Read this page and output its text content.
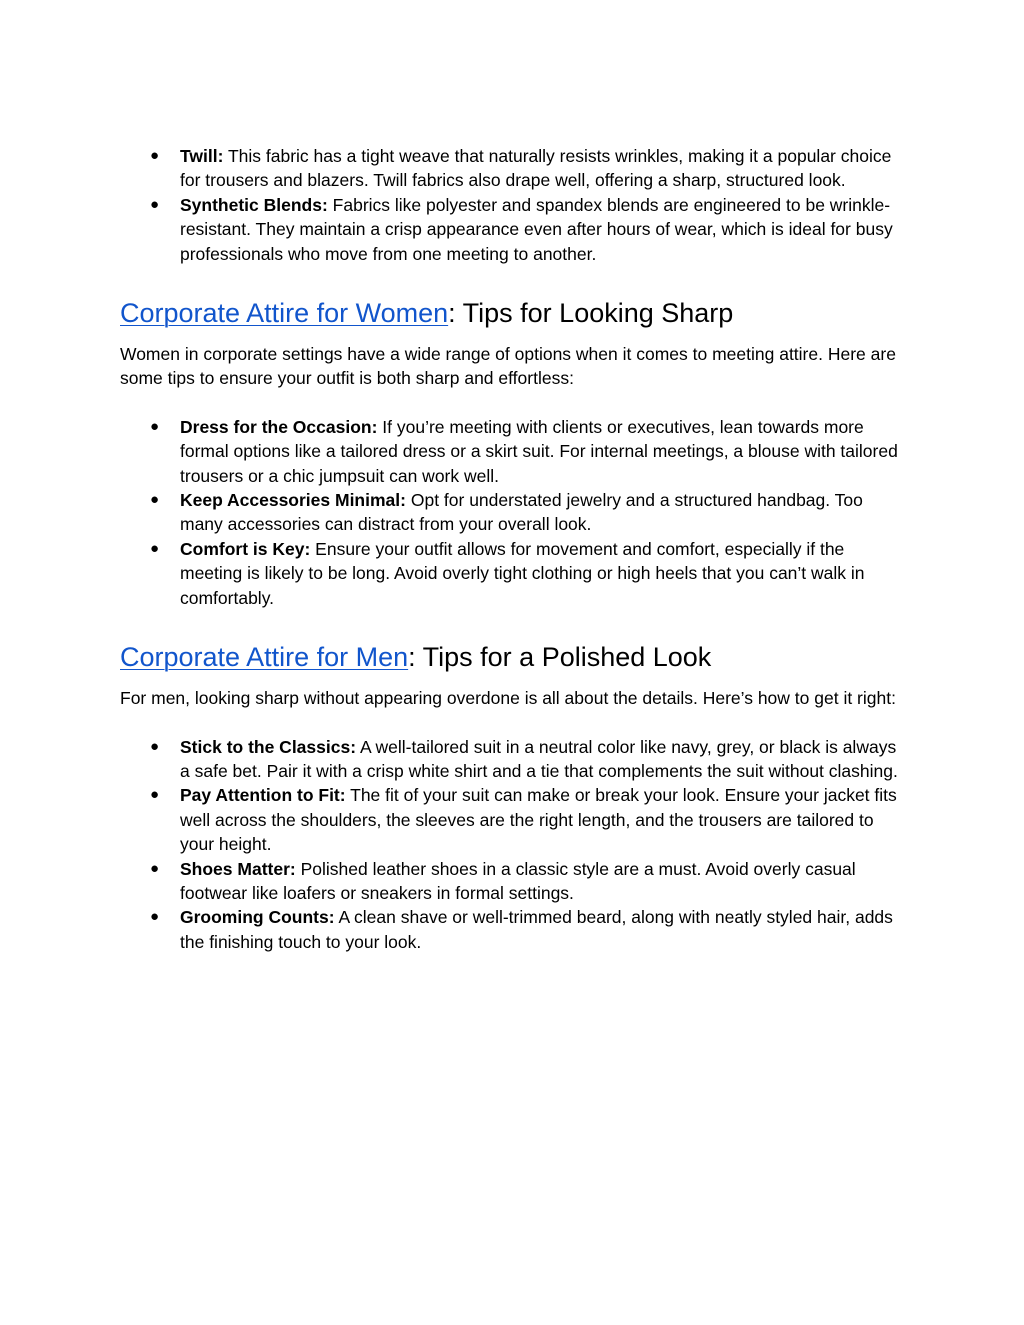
● Twill: This fabric has a tight weave that naturally resists wrinkles, making it a popular choice for trousers and blazers. Twill fabrics also drape well, offering a sharp, structured look.
● Synthetic Blends: Fabrics like polyester and spandex blends are engineered to be wrinkle-resistant. They maintain a crisp appearance even after hours of wear, which is ideal for busy professionals who move from one meeting to another.
Corporate Attire for Women: Tips for Looking Sharp

Women in corporate settings have a wide range of options when it comes to meeting attire. Here are some tips to ensure your outfit is both sharp and effortless:

● Dress for the Occasion: If you’re meeting with clients or executives, lean towards more formal options like a tailored dress or a skirt suit. For internal meetings, a blouse with tailored trousers or a chic jumpsuit can work well.
● Keep Accessories Minimal: Opt for understated jewelry and a structured handbag. Too many accessories can distract from your overall look.
● Comfort is Key: Ensure your outfit allows for movement and comfort, especially if the meeting is likely to be long. Avoid overly tight clothing or high heels that you can’t walk in comfortably.
Corporate Attire for Men: Tips for a Polished Look

For men, looking sharp without appearing overdone is all about the details. Here’s how to get it right:

● Stick to the Classics: A well-tailored suit in a neutral color like navy, grey, or black is always a safe bet. Pair it with a crisp white shirt and a tie that complements the suit without clashing.
● Pay Attention to Fit: The fit of your suit can make or break your look. Ensure your jacket fits well across the shoulders, the sleeves are the right length, and the trousers are tailored to your height.
● Shoes Matter: Polished leather shoes in a classic style are a must. Avoid overly casual footwear like loafers or sneakers in formal settings.
● Grooming Counts: A clean shave or well-trimmed beard, along with neatly styled hair, adds the finishing touch to your look.
